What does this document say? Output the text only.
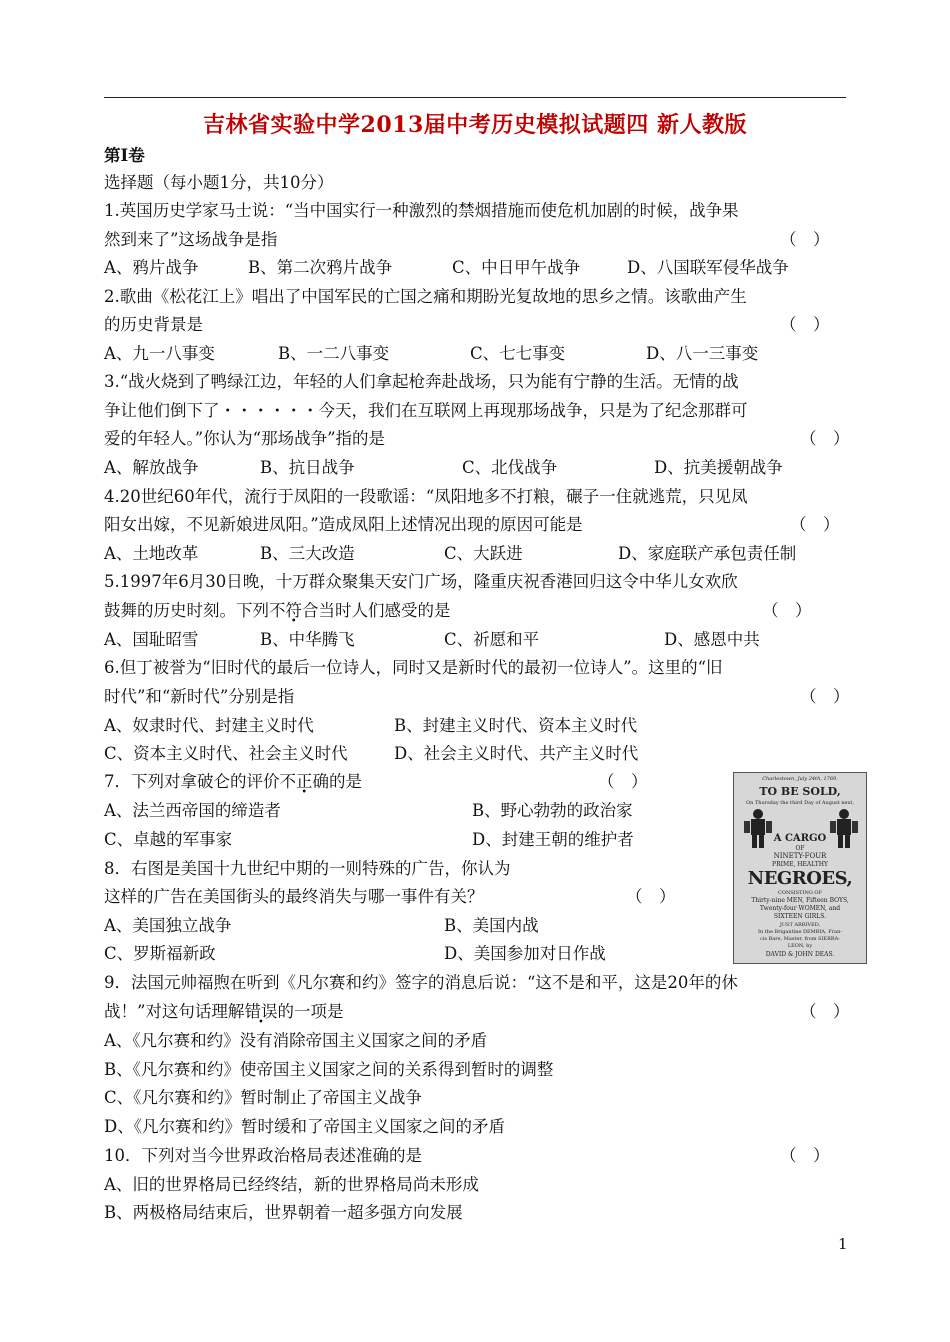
吉林省实验中学2013届中考历史模拟试题四 新人教版
第Ⅰ卷
选择题（每小题1分，共10分）
1.英国历史学家马士说：“当中国实行一种激烈的禁烟措施而使危机加剧的时候，战争果
然到来了”这场战争是指	（　）
A、鸦片战争	B、第二次鸦片战争	C、中日甲午战争	D、八国联军侵华战争
2.歌曲《松花江上》唱出了中国军民的亡国之痛和期盼光复故地的思乡之情。该歌曲产生
的历史背景是	（　）
A、九一八事变	B、一二八事变	C、七七事变	D、八一三事变
3.“战火烧到了鸭绿江边，年轻的人们拿起枪奔赴战场，只为能有宁静的生活。无情的战
争让他们倒下了・・・・・・今天，我们在互联网上再现那场战争，只是为了纪念那群可
爱的年轻人。”你认为“那场战争”指的是	（　）
A、解放战争	B、抗日战争	C、北伐战争	D、抗美援朝战争
4.20世纪60年代，流行于凤阳的一段歌谣：“凤阳地多不打粮，碾子一住就逃荒，只见凤
阳女出嫁，不见新娘进凤阳。”造成凤阳上述情况出现的原因可能是	（　）
A、土地改革	B、三大改造	C、大跃进	D、家庭联产承包责任制
5.1997年6月30日晚，十万群众聚集天安门广场，隆重庆祝香港回归这令中华儿女欢欣
鼓舞的历史时刻。下列不符合当时人们感受的是	（　）
A、国耻昭雪	B、中华腾飞	C、祈愿和平	D、感恩中共
6.但丁被誉为“旧时代的最后一位诗人，同时又是新时代的最初一位诗人”。这里的“旧
时代”和“新时代”分别是指	（　）
A、奴隶时代、封建主义时代	B、封建主义时代、资本主义时代
C、资本主义时代、社会主义时代	D、社会主义时代、共产主义时代
7．下列对拿破仑的评价不正确的是	（　）
A、法兰西帝国的缔造者	B、野心勃勃的政治家
C、卓越的军事家	D、封建王朝的维护者
8．右图是美国十九世纪中期的一则特殊的广告，你认为
这样的广告在美国街头的最终消失与哪一事件有关？	（　）
A、美国独立战争	B、美国内战
C、罗斯福新政	D、美国参加对日作战
Charlestown, July 24th, 1769.
TO BE SOLD,
On Thursday the third Day of August next,
A CARGO
OF
NINETY-FOUR
PRIME, HEALTHY
NEGROES,
CONSISTING OF
Thirty-nine MEN, Fifteen BOYS,
Twenty-four WOMEN, and
SIXTEEN GIRLS.
JUST ARRIVED,
In the Brigantine DEMBIA, Fran-
cis Bare, Master, from SIERRA-
LEON, by
DAVID & JOHN DEAS.
9．法国元帅福煦在听到《凡尔赛和约》签字的消息后说：“这不是和平，这是20年的休
战！”对这句话理解错误的一项是	（　）
A、《凡尔赛和约》没有消除帝国主义国家之间的矛盾
B、《凡尔赛和约》使帝国主义国家之间的关系得到暂时的调整
C、《凡尔赛和约》暂时制止了帝国主义战争
D、《凡尔赛和约》暂时缓和了帝国主义国家之间的矛盾
10．下列对当今世界政治格局表述准确的是	（　）
A、旧的世界格局已经终结，新的世界格局尚未形成
B、两极格局结束后，世界朝着一超多强方向发展
1
